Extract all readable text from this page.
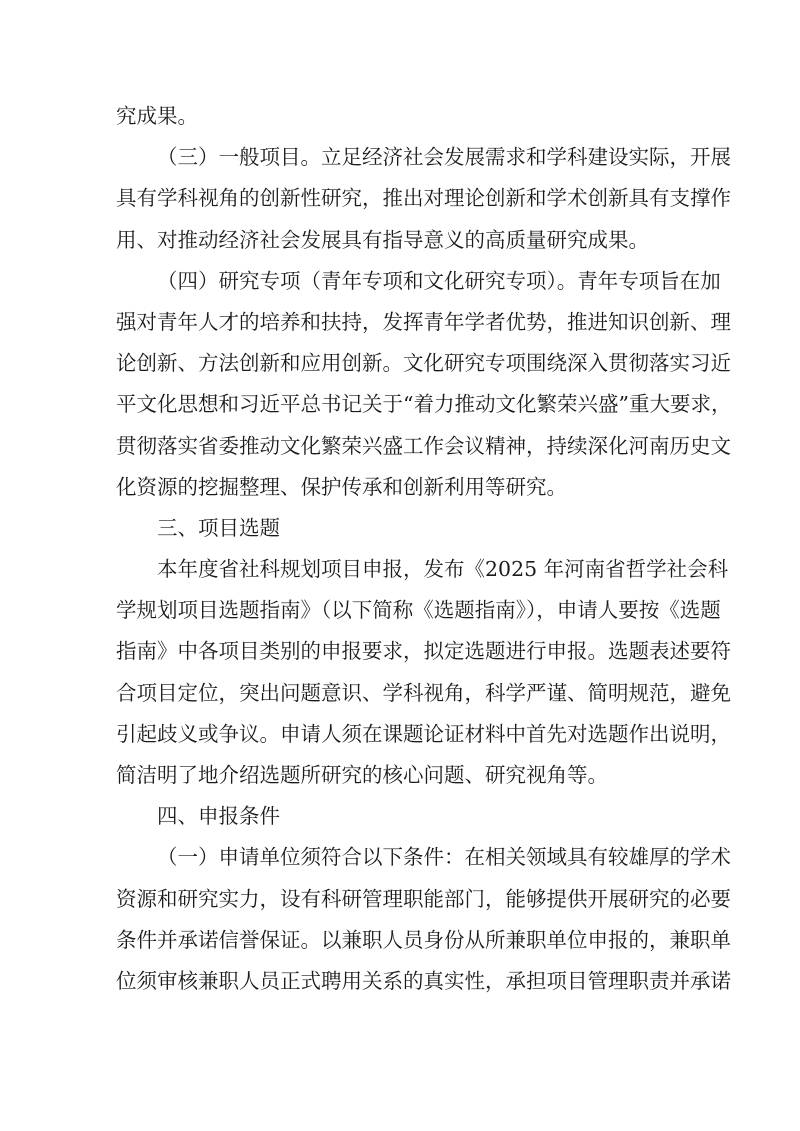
究成果。
（三）一般项目。立足经济社会发展需求和学科建设实际，开展
具有学科视角的创新性研究，推出对理论创新和学术创新具有支撑作
用、对推动经济社会发展具有指导意义的高质量研究成果。
（四）研究专项（青年专项和文化研究专项）。青年专项旨在加
强对青年人才的培养和扶持，发挥青年学者优势，推进知识创新、理
论创新、方法创新和应用创新。文化研究专项围绕深入贯彻落实习近
平文化思想和习近平总书记关于“着力推动文化繁荣兴盛”重大要求，
贯彻落实省委推动文化繁荣兴盛工作会议精神，持续深化河南历史文
化资源的挖掘整理、保护传承和创新利用等研究。
三、项目选题
本年度省社科规划项目申报，发布《2025 年河南省哲学社会科
学规划项目选题指南》（以下简称《选题指南》），申请人要按《选题
指南》中各项目类别的申报要求，拟定选题进行申报。选题表述要符
合项目定位，突出问题意识、学科视角，科学严谨、简明规范，避免
引起歧义或争议。申请人须在课题论证材料中首先对选题作出说明，
简洁明了地介绍选题所研究的核心问题、研究视角等。
四、申报条件
（一）申请单位须符合以下条件：在相关领域具有较雄厚的学术
资源和研究实力，设有科研管理职能部门，能够提供开展研究的必要
条件并承诺信誉保证。以兼职人员身份从所兼职单位申报的，兼职单
位须审核兼职人员正式聘用关系的真实性，承担项目管理职责并承诺
